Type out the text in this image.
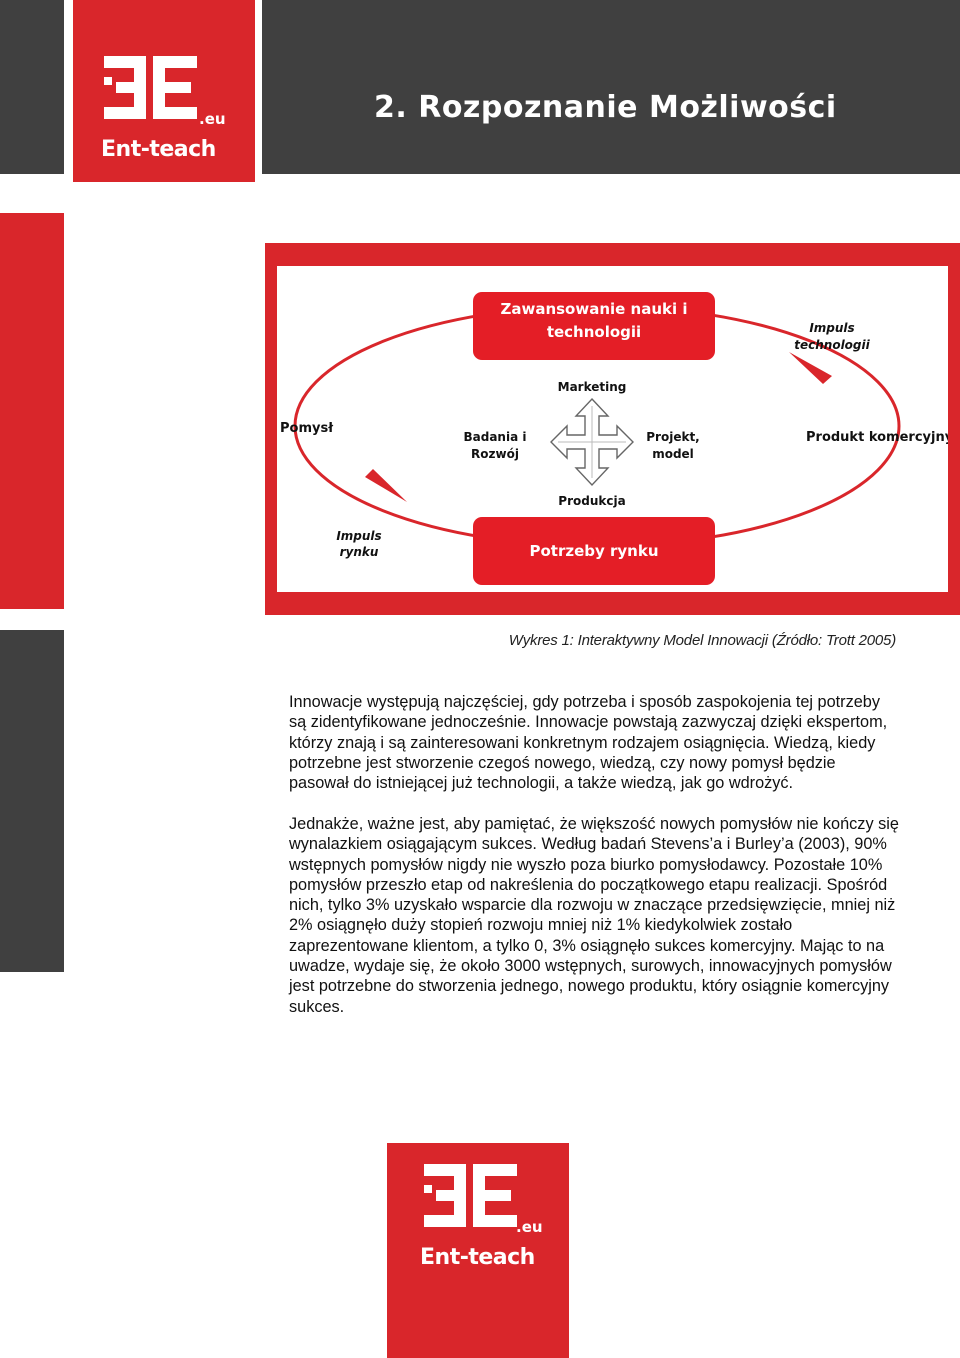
.eu
Ent-teach
2. Rozpoznanie Możliwości
Zawansowanie nauki i
technologii
Potrzeby rynku
Pomysł
Produkt komercyjny
Impuls
technologii
Impuls
rynku
Marketing
Produkcja
Badania i
Rozwój
Projekt,
model
Wykres 1: Interaktywny Model Innowacji (Źródło: Trott 2005)

Innowacje występują najczęściej, gdy potrzeba i sposób zaspokojenia tej potrzeby są zidentyfikowane jednocześnie. Innowacje powstają zazwyczaj dzięki ekspertom, którzy znają i są zainteresowani konkretnym rodzajem osiągnięcia. Wiedzą, kiedy potrzebne jest stworzenie czegoś nowego, wiedzą, czy nowy pomysł będzie pasował do istniejącej już technologii, a także wiedzą, jak go wdrożyć.

Jednakże, ważne jest, aby pamiętać, że większość nowych pomysłów nie kończy się wynalazkiem osiągającym sukces. Według badań Stevens’a i Burley’a (2003), 90% wstępnych pomysłów nigdy nie wyszło poza biurko pomysłodawcy. Pozostałe 10% pomysłów przeszło etap od nakreślenia do początkowego etapu realizacji. Spośród nich, tylko 3% uzyskało wsparcie dla rozwoju w znaczące przedsięwzięcie, mniej niż 2% osiągnęło duży stopień rozwoju mniej niż 1% kiedykolwiek zostało zaprezentowane klientom, a tylko 0, 3% osiągnęło sukces komercyjny. Mając to na uwadze, wydaje się, że około 3000 wstępnych, surowych, innowacyjnych pomysłów jest potrzebne do stworzenia jednego, nowego produktu, który osiągnie komercyjny sukces.

.eu
Ent-teach
